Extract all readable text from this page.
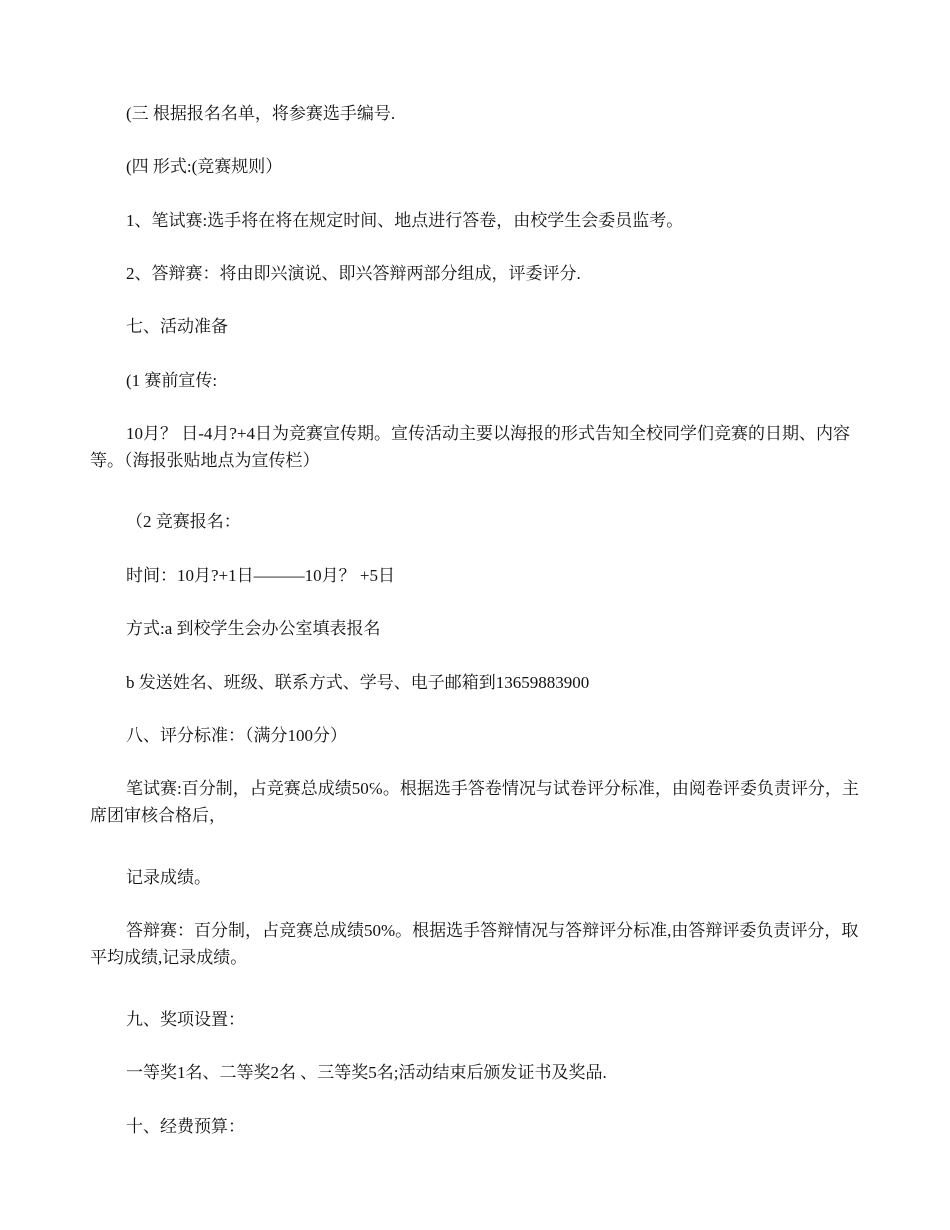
(三 根据报名名单，将参赛选手编号.

(四 形式:(竞赛规则）

1、笔试赛:选手将在将在规定时间、地点进行答卷，由校学生会委员监考。

2、答辩赛：将由即兴演说、即兴答辩两部分组成，评委评分.

七、活动准备

(1 赛前宣传:

10月？ 日-4月?+4日为竞赛宣传期。宣传活动主要以海报的形式告知全校同学们竞赛的日期、内容等。（海报张贴地点为宣传栏）

（2 竞赛报名：

时间：10月?+1日———10月？ +5日

方式:a 到校学生会办公室填表报名

b 发送姓名、班级、联系方式、学号、电子邮箱到13659883900

八、评分标准：（满分100分）

笔试赛:百分制，占竞赛总成绩50℅。根据选手答卷情况与试卷评分标准，由阅卷评委负责评分，主席团审核合格后，

记录成绩。

答辩赛：百分制，占竞赛总成绩50%。根据选手答辩情况与答辩评分标准,由答辩评委负责评分，取平均成绩,记录成绩。

九、奖项设置：

一等奖1名、二等奖2名 、三等奖5名;活动结束后颁发证书及奖品.

十、经费预算：
